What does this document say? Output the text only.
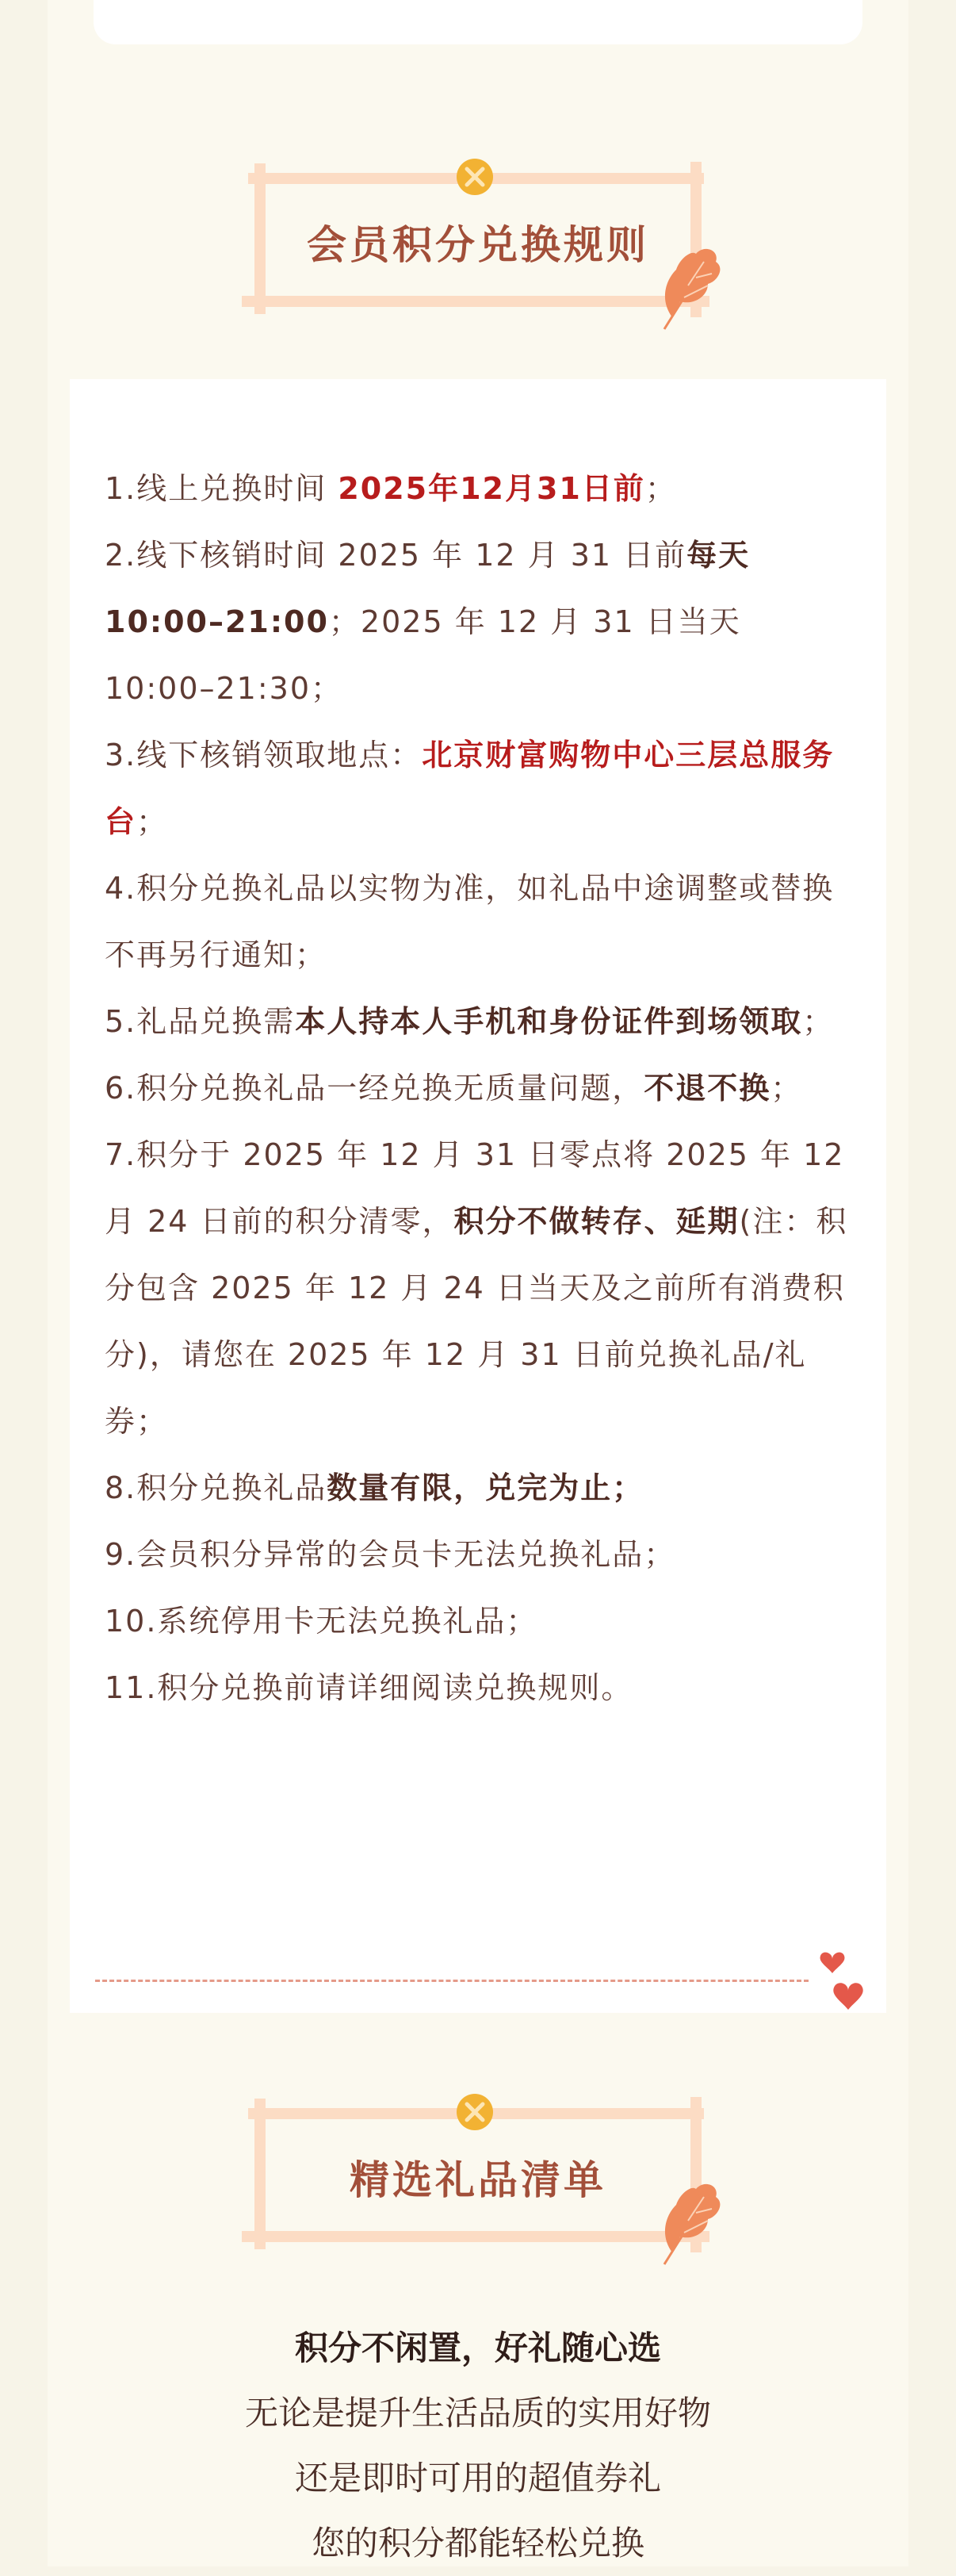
会员积分兑换规则
1.线上兑换时间 2025年12月31日前；
2.线下核销时间 2025 年 12 月 31 日前每天 10:00–21:00；2025 年 12 月 31 日当天 10:00–21:30；
3.线下核销领取地点：北京财富购物中心三层总服务台；
4.积分兑换礼品以实物为准，如礼品中途调整或替换不再另行通知；
5.礼品兑换需本人持本人手机和身份证件到场领取；
6.积分兑换礼品一经兑换无质量问题，不退不换；
7.积分于 2025 年 12 月 31 日零点将 2025 年 12 月 24 日前的积分清零，积分不做转存、延期(注：积分包含 2025 年 12 月 24 日当天及之前所有消费积分)，请您在 2025 年 12 月 31 日前兑换礼品/礼券；
8.积分兑换礼品数量有限，兑完为止；
9.会员积分异常的会员卡无法兑换礼品；
10.系统停用卡无法兑换礼品；
11.积分兑换前请详细阅读兑换规则。
精选礼品清单
积分不闲置，好礼随心选
无论是提升生活品质的实用好物
还是即时可用的超值券礼
您的积分都能轻松兑换
